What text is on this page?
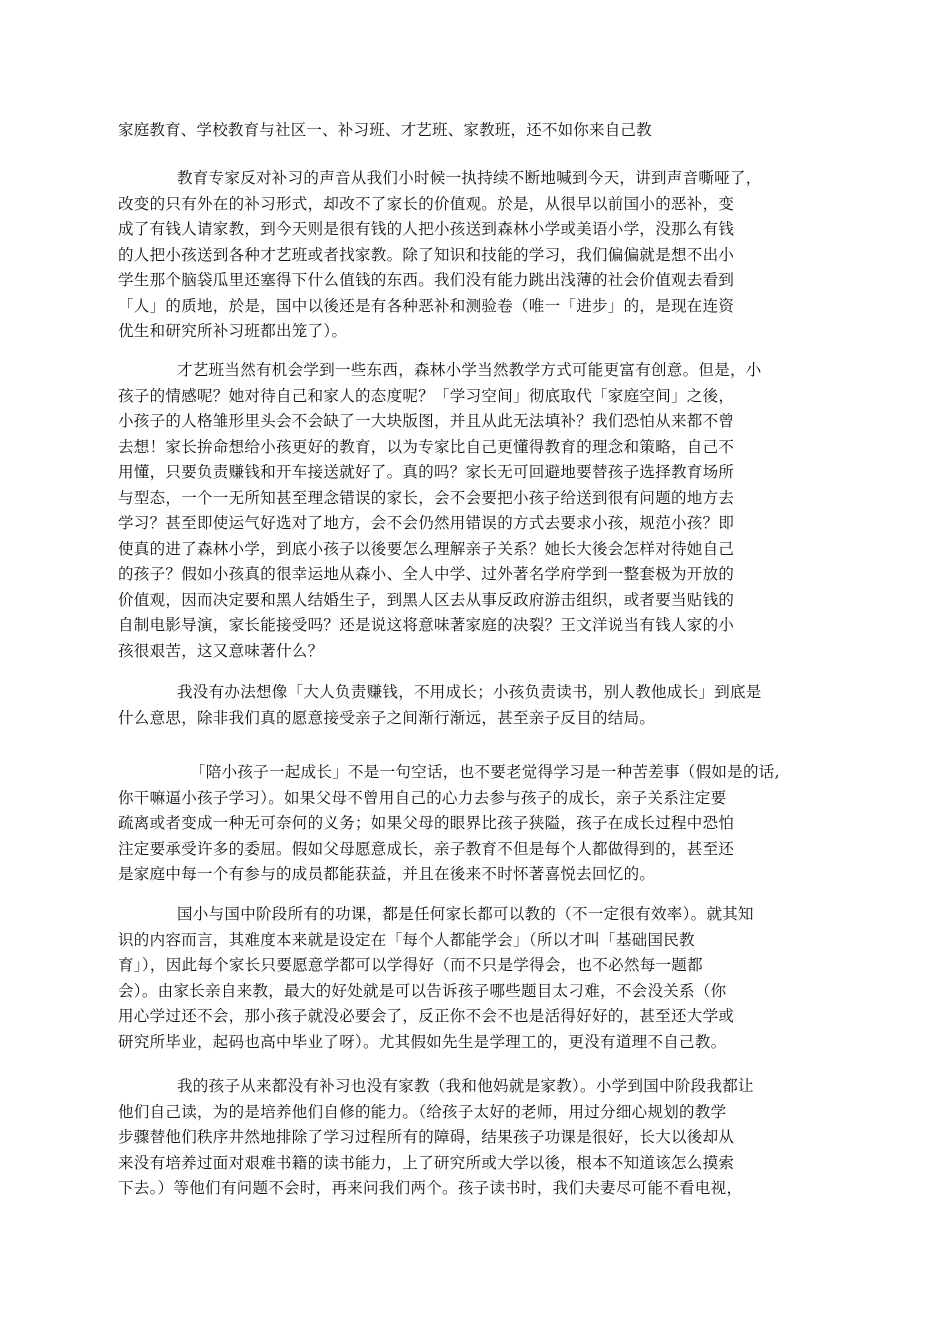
家庭教育、学校教育与社区一、补习班、才艺班、家教班，还不如你来自己教
教育专家反对补习的声音从我们小时候一执持续不断地喊到今天，讲到声音嘶哑了，
改变的只有外在的补习形式，却改不了家长的价值观。於是，从很早以前国小的恶补，变
成了有钱人请家教，到今天则是很有钱的人把小孩送到森林小学或美语小学，没那么有钱
的人把小孩送到各种才艺班或者找家教。除了知识和技能的学习，我们偏偏就是想不出小
学生那个脑袋瓜里还塞得下什么值钱的东西。我们没有能力跳出浅薄的社会价值观去看到
「人」的质地，於是，国中以後还是有各种恶补和测验卷（唯一「进步」的，是现在连资
优生和研究所补习班都出笼了）。
才艺班当然有机会学到一些东西，森林小学当然教学方式可能更富有创意。但是，小
孩子的情感呢？她对待自己和家人的态度呢？「学习空间」彻底取代「家庭空间」之後，
小孩子的人格雏形里头会不会缺了一大块版图，并且从此无法填补？我们恐怕从来都不曾
去想！家长拚命想给小孩更好的教育，以为专家比自己更懂得教育的理念和策略，自己不
用懂，只要负责赚钱和开车接送就好了。真的吗？家长无可回避地要替孩子选择教育场所
与型态，一个一无所知甚至理念错误的家长，会不会要把小孩子给送到很有问题的地方去
学习？甚至即使运气好选对了地方，会不会仍然用错误的方式去要求小孩，规范小孩？即
使真的进了森林小学，到底小孩子以後要怎么理解亲子关系？她长大後会怎样对待她自己
的孩子？假如小孩真的很幸运地从森小、全人中学、过外著名学府学到一整套极为开放的
价值观，因而决定要和黑人结婚生子，到黑人区去从事反政府游击组织，或者要当贴钱的
自制电影导演，家长能接受吗？还是说这将意味著家庭的决裂？王文洋说当有钱人家的小
孩很艰苦，这又意味著什么？
我没有办法想像「大人负责赚钱，不用成长；小孩负责读书，别人教他成长」到底是
什么意思，除非我们真的愿意接受亲子之间渐行渐远，甚至亲子反目的结局。
「陪小孩子一起成长」不是一句空话，也不要老觉得学习是一种苦差事（假如是的话,
你干嘛逼小孩子学习）。如果父母不曾用自己的心力去参与孩子的成长，亲子关系注定要
疏离或者变成一种无可奈何的义务；如果父母的眼界比孩子狭隘，孩子在成长过程中恐怕
注定要承受许多的委屈。假如父母愿意成长，亲子教育不但是每个人都做得到的，甚至还
是家庭中每一个有参与的成员都能获益，并且在後来不时怀著喜悦去回忆的。
国小与国中阶段所有的功课，都是任何家长都可以教的（不一定很有效率）。就其知
识的内容而言，其难度本来就是设定在「每个人都能学会」（所以才叫「基础国民教
育」），因此每个家长只要愿意学都可以学得好（而不只是学得会，也不必然每一题都
会）。由家长亲自来教，最大的好处就是可以告诉孩子哪些题目太刁难，不会没关系（你
用心学过还不会，那小孩子就没必要会了，反正你不会不也是活得好好的，甚至还大学或
研究所毕业，起码也高中毕业了呀）。尤其假如先生是学理工的，更没有道理不自己教。
我的孩子从来都没有补习也没有家教（我和他妈就是家教）。小学到国中阶段我都让
他们自己读，为的是培养他们自修的能力。（给孩子太好的老师，用过分细心规划的教学
步骤替他们秩序井然地排除了学习过程所有的障碍，结果孩子功课是很好，长大以後却从
来没有培养过面对艰难书籍的读书能力，上了研究所或大学以後，根本不知道该怎么摸索
下去。）等他们有问题不会时，再来问我们两个。孩子读书时，我们夫妻尽可能不看电视，
